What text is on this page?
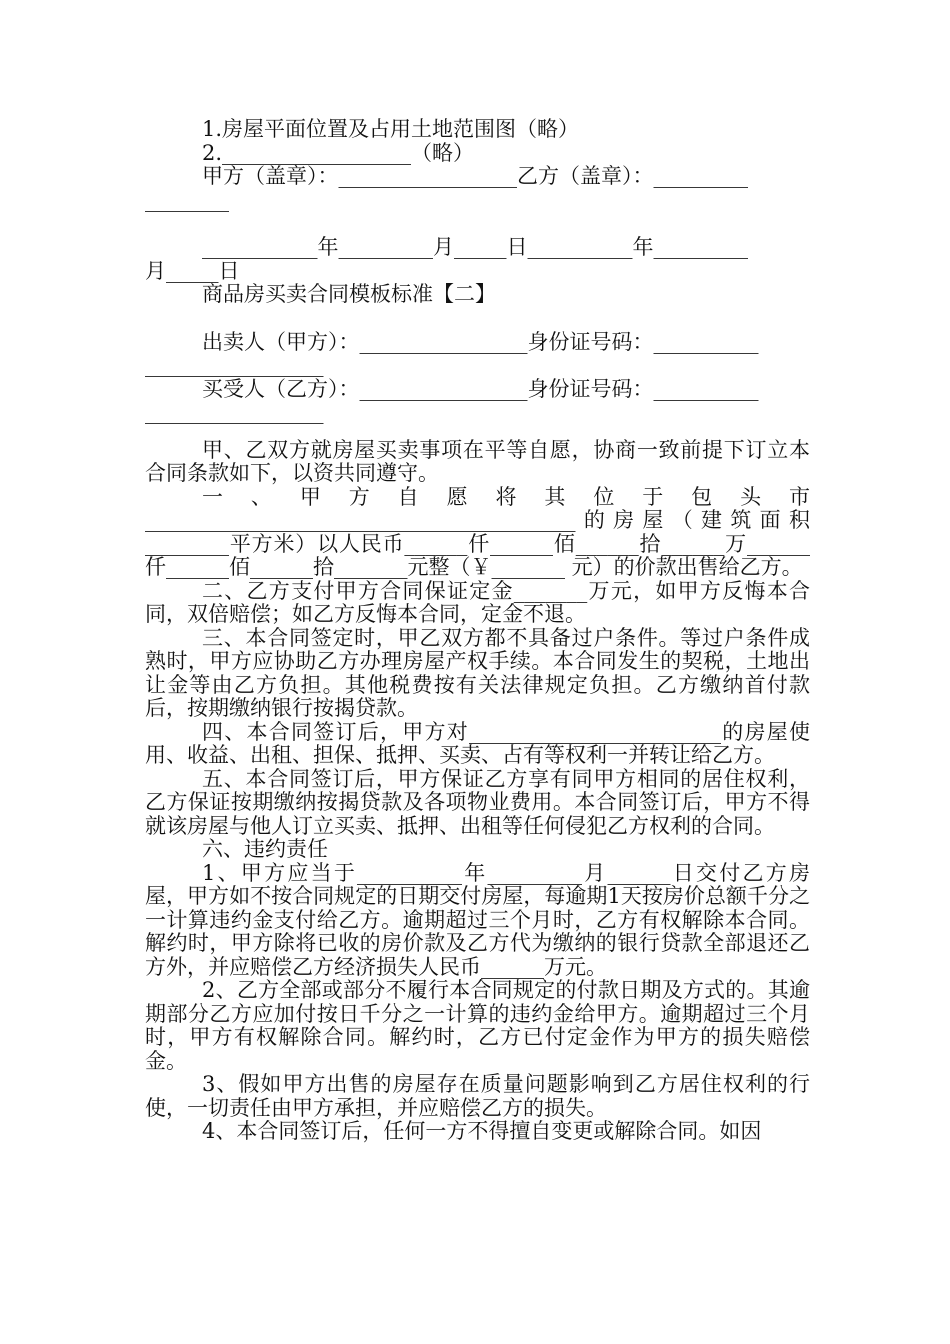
1.房屋平面位置及占用土地范围图（略）

2.__________________（略）

甲方（盖章）：_________________乙方（盖章）：_________

________

___________年_________月_____日__________年_________

月_____日

商品房买卖合同模板标准【二】

出卖人（甲方）：________________身份证号码：__________

_________________

买受人（乙方）：________________身份证号码：__________

_________________

甲、乙双方就房屋买卖事项在平等自愿，协商一致前提下订立本合同条款如下，以资共同遵守。

一、甲方自愿将其位于包头市_________________________________________的房屋（建筑面积________平方米）以人民币______仟______佰______拾______万______仟______佰______拾_______元整（￥_______ 元）的价款出售给乙方。

二、乙方支付甲方合同保证定金_______万元，如甲方反悔本合同，双倍赔偿；如乙方反悔本合同，定金不退。

三、本合同签定时，甲乙双方都不具备过户条件。等过户条件成熟时，甲方应协助乙方办理房屋产权手续。本合同发生的契税，土地出让金等由乙方负担。其他税费按有关法律规定负担。乙方缴纳首付款后，按期缴纳银行按揭贷款。

四、本合同签订后，甲方对________________________的房屋使用、收益、出租、担保、抵押、买卖、占有等权利一并转让给乙方。

五、本合同签订后，甲方保证乙方享有同甲方相同的居住权利，乙方保证按期缴纳按揭贷款及各项物业费用。本合同签订后，甲方不得就该房屋与他人订立买卖、抵押、出租等任何侵犯乙方权利的合同。

六、违约责任

1、甲方应当于__________年_________月______日交付乙方房屋，甲方如不按合同规定的日期交付房屋，每逾期1天按房价总额千分之一计算违约金支付给乙方。逾期超过三个月时，乙方有权解除本合同。解约时，甲方除将已收的房价款及乙方代为缴纳的银行贷款全部退还乙方外，并应赔偿乙方经济损失人民币______万元。

2、乙方全部或部分不履行本合同规定的付款日期及方式的。其逾期部分乙方应加付按日千分之一计算的违约金给甲方。逾期超过三个月时，甲方有权解除合同。解约时，乙方已付定金作为甲方的损失赔偿金。

3、假如甲方出售的房屋存在质量问题影响到乙方居住权利的行使，一切责任由甲方承担，并应赔偿乙方的损失。

4、本合同签订后，任何一方不得擅自变更或解除合同。如因
